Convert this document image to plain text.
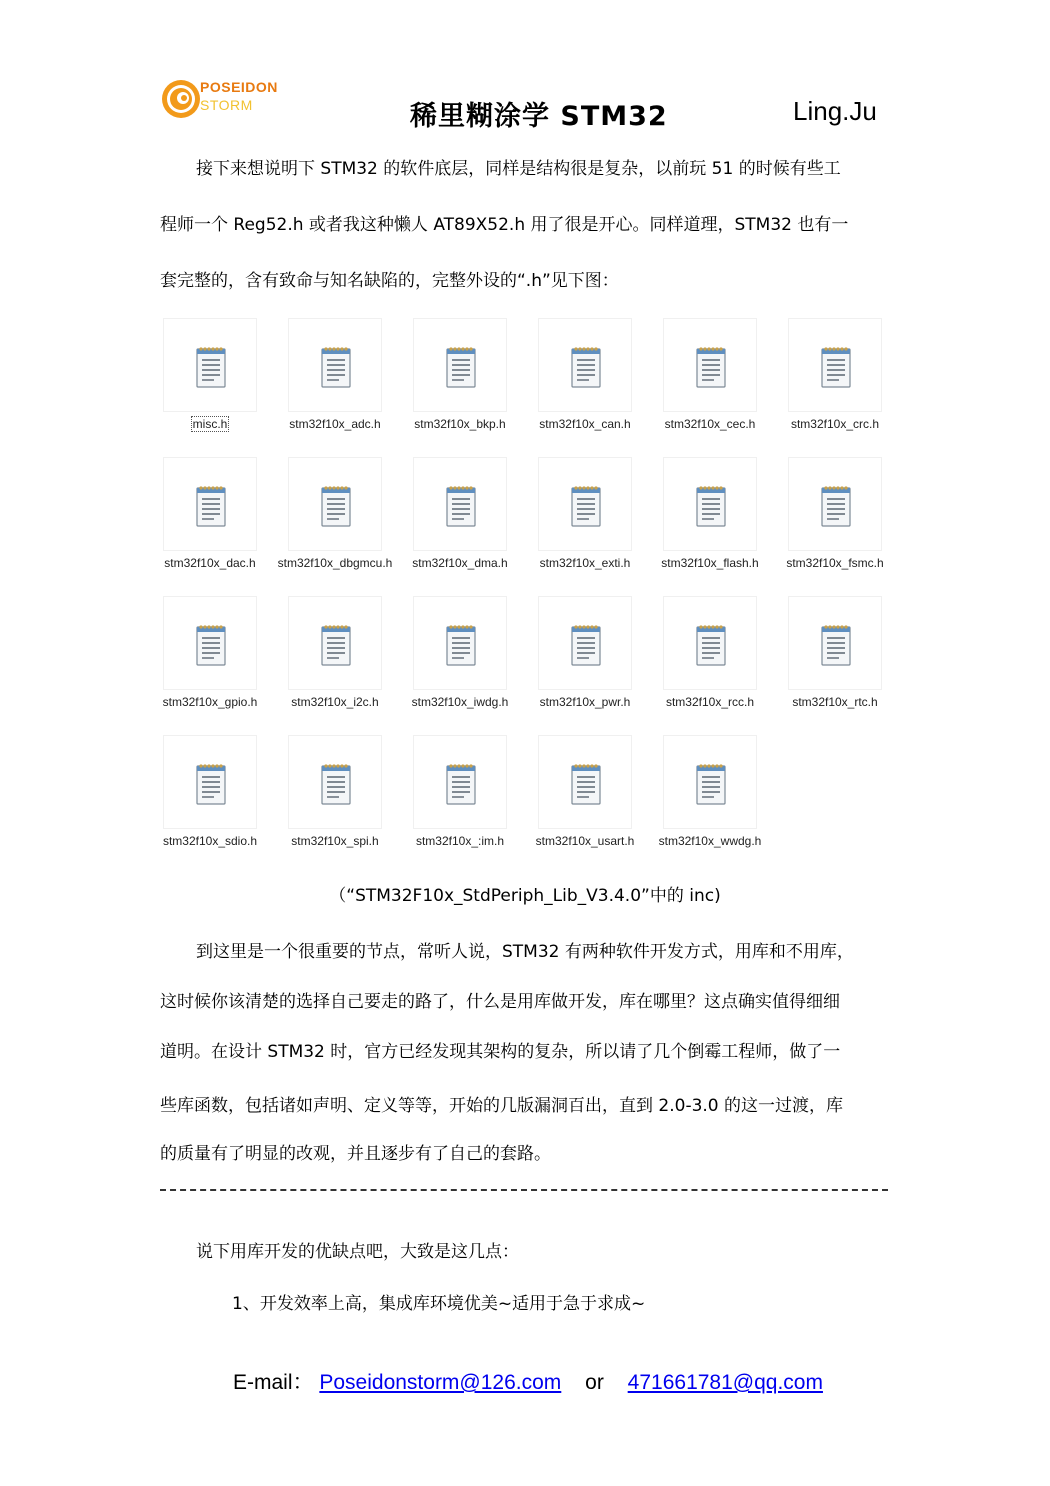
POSEIDON
STORM	稀里糊涂学 STM32	Ling.Ju
接下来想说明下 STM32 的软件底层，同样是结构很是复杂，以前玩 51 的时候有些工
程师一个 Reg52.h 或者我这种懒人 AT89X52.h 用了很是开心。同样道理，STM32 也有一
套完整的，含有致命与知名缺陷的，完整外设的“.h”见下图：
misc.h	stm32f10x_adc.h	stm32f10x_bkp.h	stm32f10x_can.h	stm32f10x_cec.h	stm32f10x_crc.h
stm32f10x_dac.h	stm32f10x_dbgmcu.h	stm32f10x_dma.h	stm32f10x_exti.h	stm32f10x_flash.h	stm32f10x_fsmc.h
stm32f10x_gpio.h	stm32f10x_i2c.h	stm32f10x_iwdg.h	stm32f10x_pwr.h	stm32f10x_rcc.h	stm32f10x_rtc.h
stm32f10x_sdio.h	stm32f10x_spi.h	stm32f10x_:im.h	stm32f10x_usart.h	stm32f10x_wwdg.h
（“STM32F10x_StdPeriph_Lib_V3.4.0”中的 inc)
到这里是一个很重要的节点，常听人说，STM32 有两种软件开发方式，用库和不用库，
这时候你该清楚的选择自己要走的路了，什么是用库做开发，库在哪里？这点确实值得细细
道明。在设计 STM32 时，官方已经发现其架构的复杂，所以请了几个倒霉工程师，做了一
些库函数，包括诸如声明、定义等等，开始的几版漏洞百出，直到 2.0-3.0 的这一过渡，库
的质量有了明显的改观，并且逐步有了自己的套路。
说下用库开发的优缺点吧，大致是这几点：
1、开发效率上高，集成库环境优美~适用于急于求成~
E-mail： Poseidonstorm@126.com or 471661781@qq.com
